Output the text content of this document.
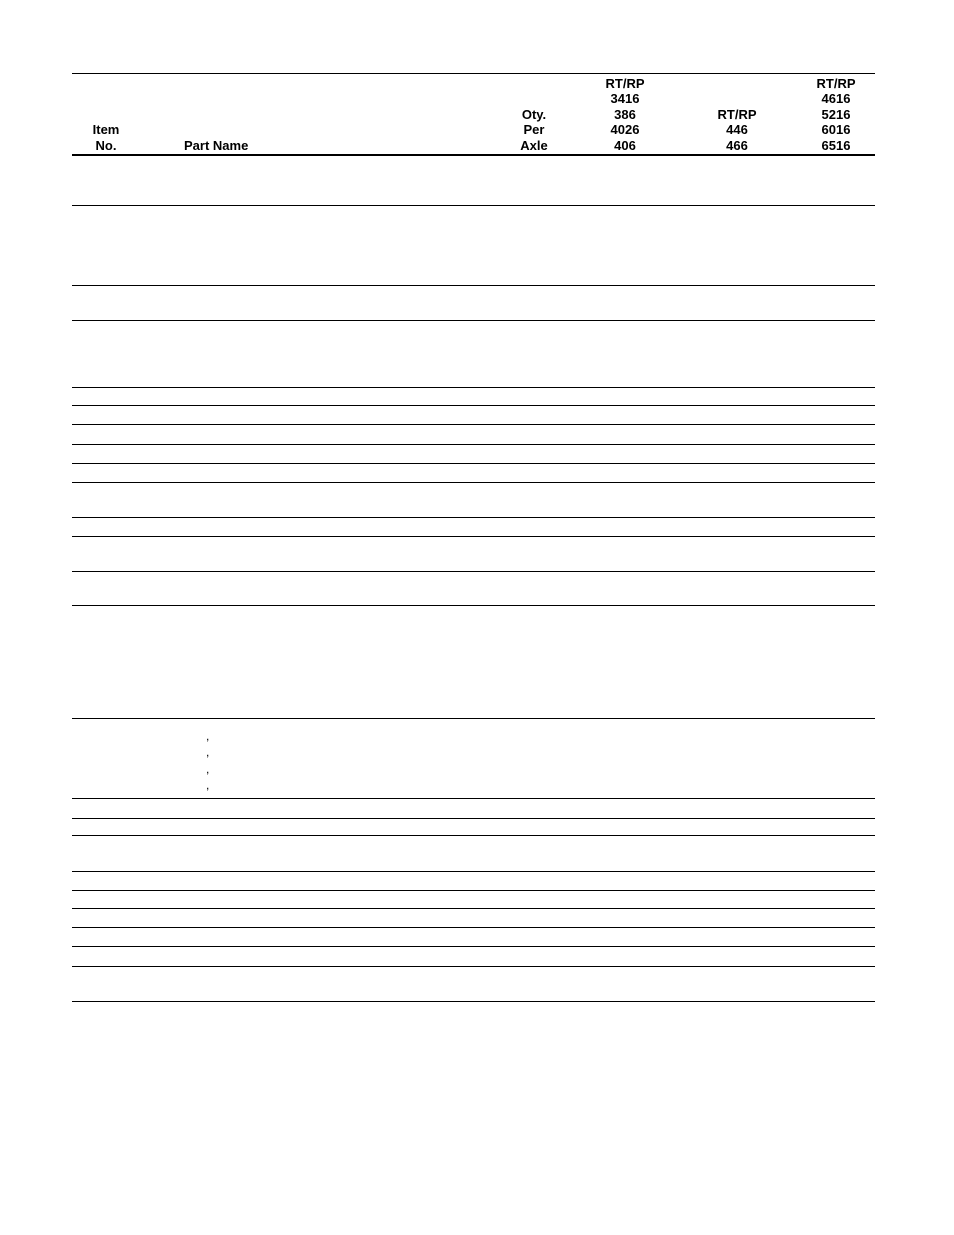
Item
No.	Part Name
Oty.
Per
Axle
RT/RP
3416
386
4026
406
RT/RP
446
466
RT/RP
4616
5216
6016
6516
,
,
,
,
